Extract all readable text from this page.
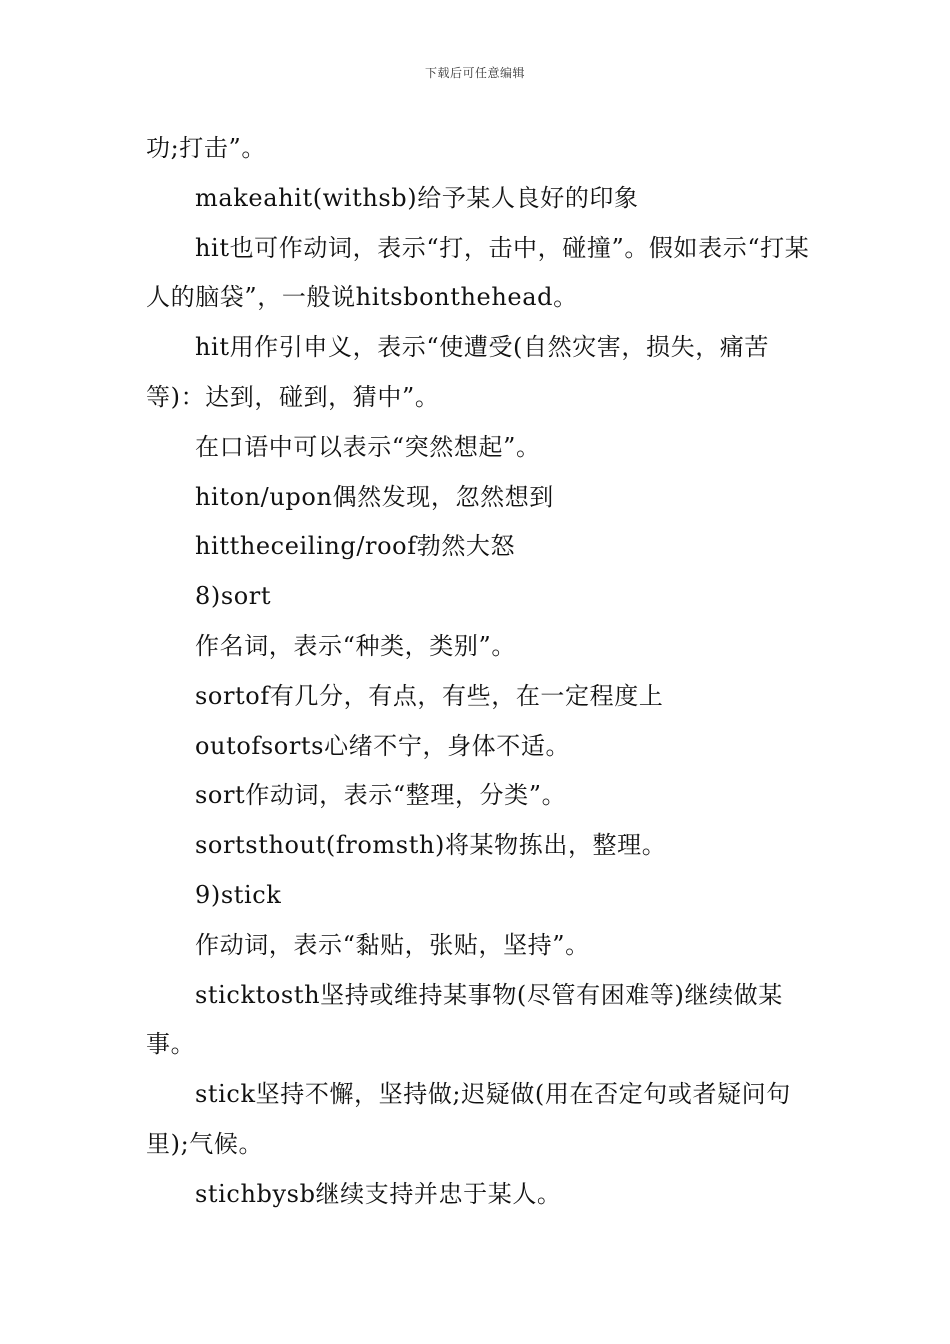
下载后可任意编辑

功;打击”。

makeahit(withsb)给予某人良好的印象

hit也可作动词，表示“打，击中，碰撞”。假如表示“打某人的脑袋”，一般说hitsbonthehead。

hit用作引申义，表示“使遭受(自然灾害，损失，痛苦等)：达到，碰到，猜中”。

在口语中可以表示“突然想起”。

hiton/upon偶然发现，忽然想到

hittheceiling/roof勃然大怒

8)sort

作名词，表示“种类，类别”。

sortof有几分，有点，有些，在一定程度上

outofsorts心绪不宁，身体不适。

sort作动词，表示“整理，分类”。

sortsthout(fromsth)将某物拣出，整理。

9)stick

作动词，表示“黏贴，张贴，坚持”。

sticktosth坚持或维持某事物(尽管有困难等)继续做某事。

stick坚持不懈，坚持做;迟疑做(用在否定句或者疑问句里);气候。

stichbysb继续支持并忠于某人。
